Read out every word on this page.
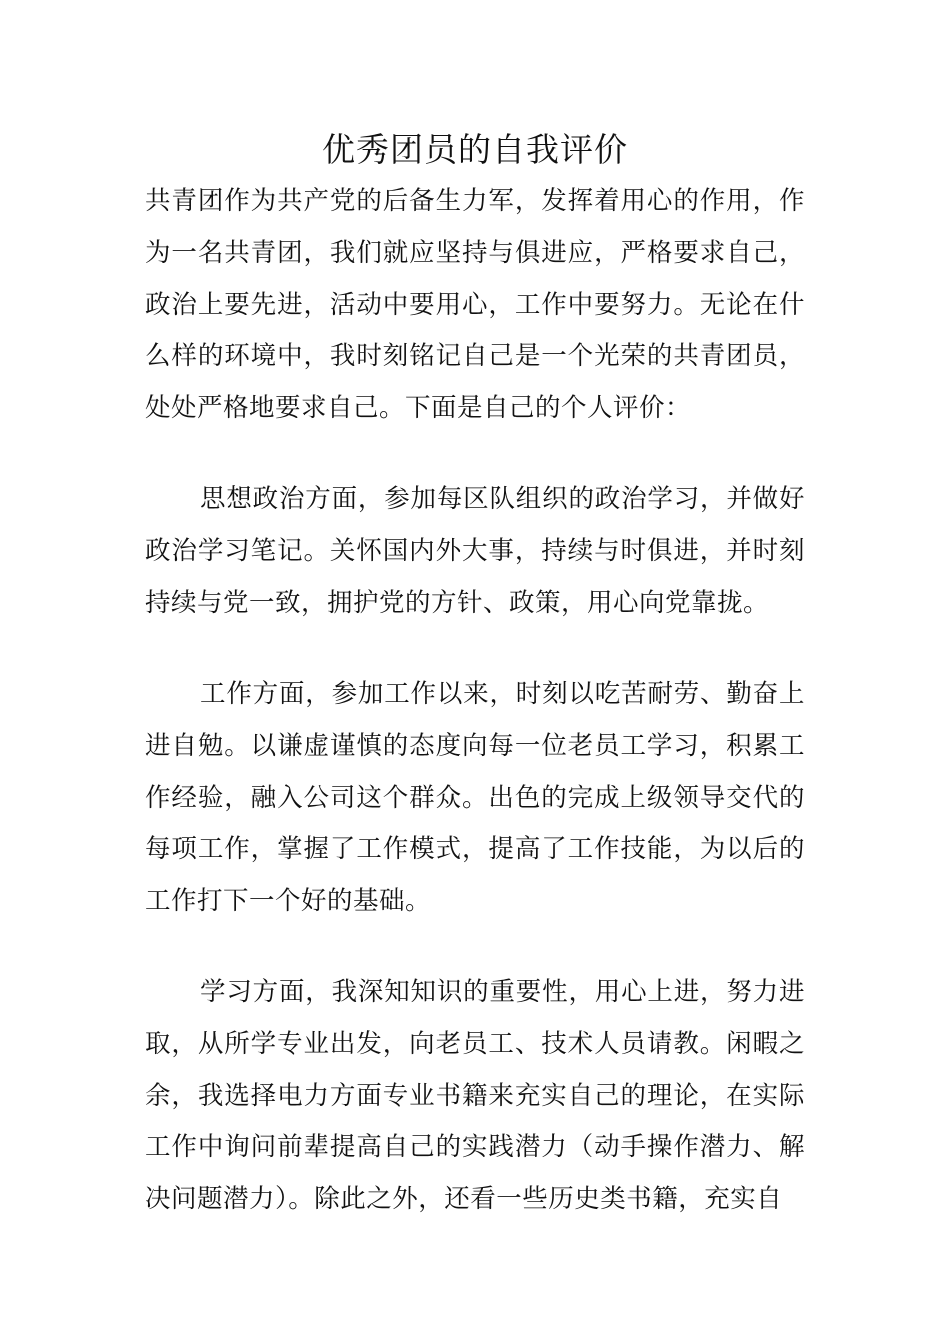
优秀团员的自我评价

共青团作为共产党的后备生力军，发挥着用心的作用，作为一名共青团，我们就应坚持与俱进应，严格要求自己，政治上要先进，活动中要用心，工作中要努力。无论在什么样的环境中，我时刻铭记自己是一个光荣的共青团员，处处严格地要求自己。下面是自己的个人评价：

思想政治方面，参加每区队组织的政治学习，并做好政治学习笔记。关怀国内外大事，持续与时俱进，并时刻持续与党一致，拥护党的方针、政策，用心向党靠拢。

工作方面，参加工作以来，时刻以吃苦耐劳、勤奋上进自勉。以谦虚谨慎的态度向每一位老员工学习，积累工作经验，融入公司这个群众。出色的完成上级领导交代的每项工作，掌握了工作模式，提高了工作技能，为以后的工作打下一个好的基础。

学习方面，我深知知识的重要性，用心上进，努力进取，从所学专业出发，向老员工、技术人员请教。闲暇之余，我选择电力方面专业书籍来充实自己的理论，在实际工作中询问前辈提高自己的实践潜力（动手操作潜力、解决问题潜力）。除此之外，还看一些历史类书籍，充实自
